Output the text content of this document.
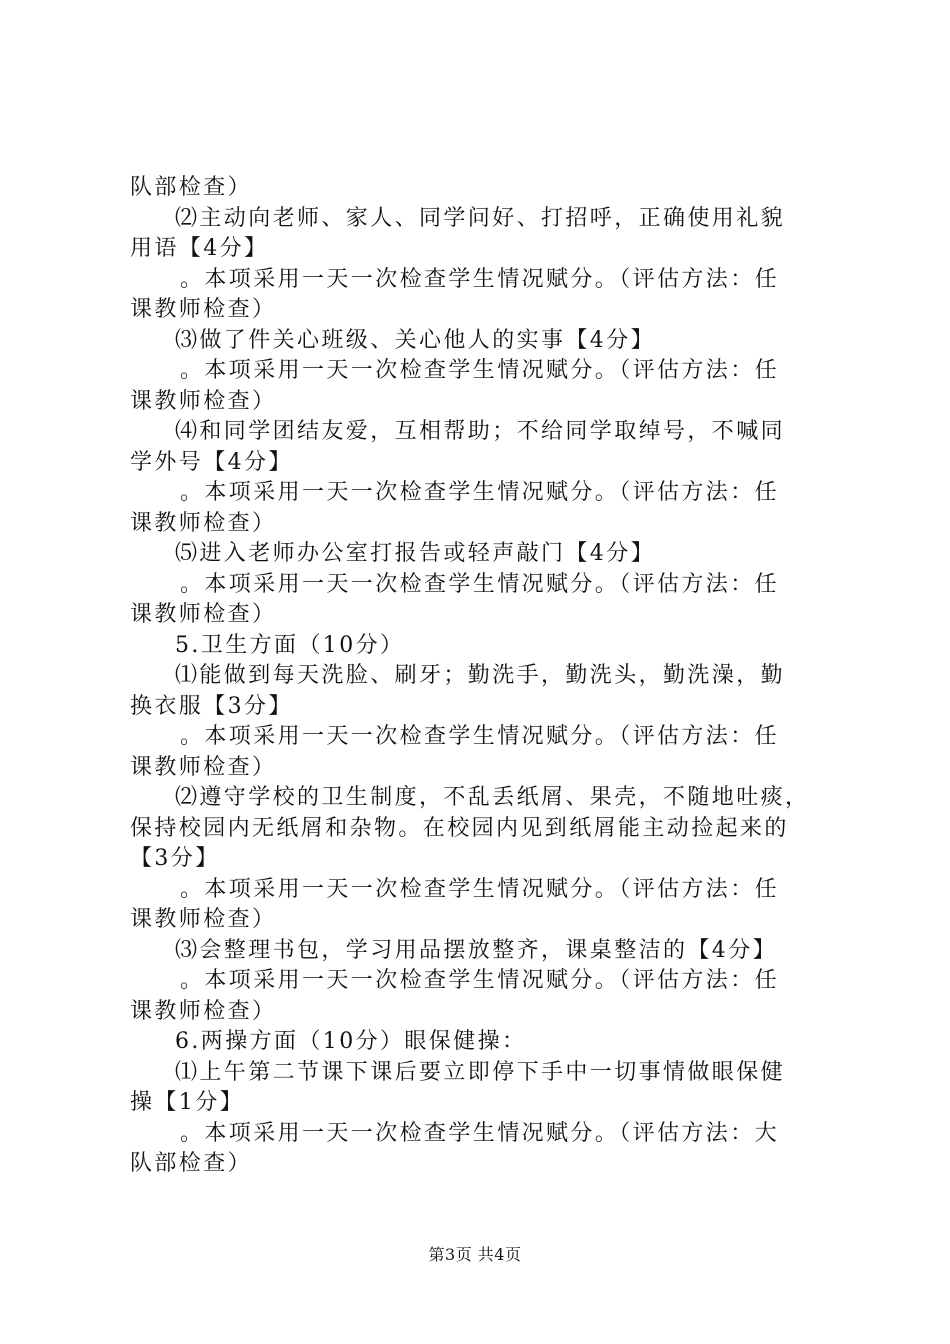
队部检查）
⑵主动向老师、家人、同学问好、打招呼，正确使用礼貌
用语【4分】
。本项采用一天一次检查学生情况赋分。（评估方法：任
课教师检查）
⑶做了件关心班级、关心他人的实事【4分】
。本项采用一天一次检查学生情况赋分。（评估方法：任
课教师检查）
⑷和同学团结友爱，互相帮助；不给同学取绰号，不喊同
学外号【4分】
。本项采用一天一次检查学生情况赋分。（评估方法：任
课教师检查）
⑸进入老师办公室打报告或轻声敲门【4分】
。本项采用一天一次检查学生情况赋分。（评估方法：任
课教师检查）
5.卫生方面（10分）
⑴能做到每天洗脸、刷牙；勤洗手，勤洗头，勤洗澡，勤
换衣服【3分】
。本项采用一天一次检查学生情况赋分。（评估方法：任
课教师检查）
⑵遵守学校的卫生制度，不乱丢纸屑、果壳，不随地吐痰，
保持校园内无纸屑和杂物。在校园内见到纸屑能主动捡起来的
【3分】
。本项采用一天一次检查学生情况赋分。（评估方法：任
课教师检查）
⑶会整理书包，学习用品摆放整齐，课桌整洁的【4分】
。本项采用一天一次检查学生情况赋分。（评估方法：任
课教师检查）
6.两操方面（10分）眼保健操：
⑴上午第二节课下课后要立即停下手中一切事情做眼保健
操【1分】
。本项采用一天一次检查学生情况赋分。（评估方法：大
队部检查）
第3页 共4页
